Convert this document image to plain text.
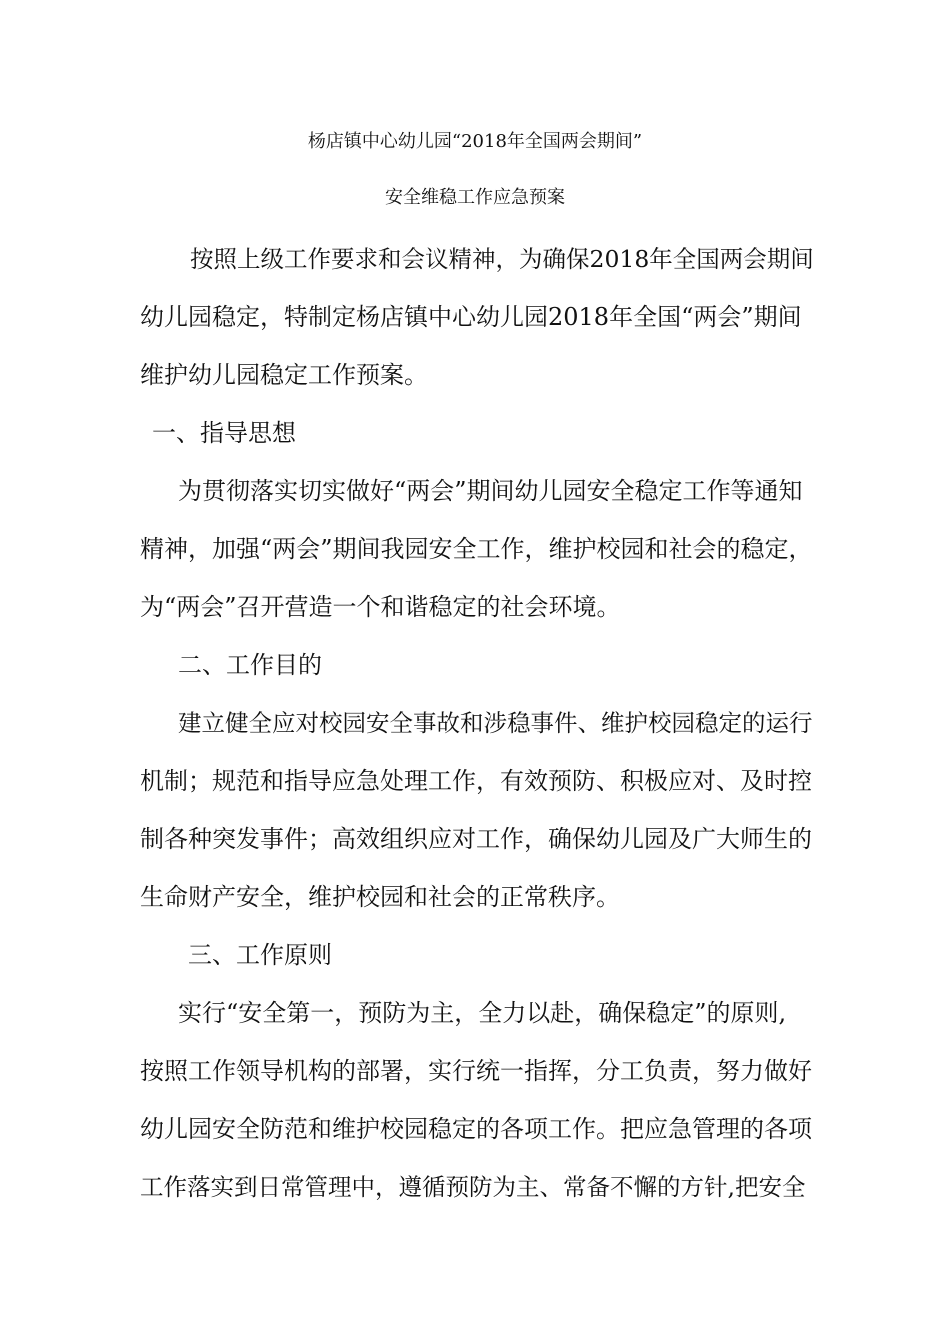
杨店镇中心幼儿园“2018年全国两会期间”
安全维稳工作应急预案
按照上级工作要求和会议精神，为确保2018年全国两会期间
幼儿园稳定，特制定杨店镇中心幼儿园2018年全国“两会”期间
维护幼儿园稳定工作预案。
一、指导思想
为贯彻落实切实做好“两会”期间幼儿园安全稳定工作等通知
精神，加强“两会”期间我园安全工作，维护校园和社会的稳定，
为“两会”召开营造一个和谐稳定的社会环境。
二、工作目的
建立健全应对校园安全事故和涉稳事件、维护校园稳定的运行
机制；规范和指导应急处理工作，有效预防、积极应对、及时控
制各种突发事件；高效组织应对工作，确保幼儿园及广大师生的
生命财产安全，维护校园和社会的正常秩序。
三、工作原则
实行“安全第一，预防为主，全力以赴，确保稳定”的原则,
按照工作领导机构的部署，实行统一指挥，分工负责，努力做好
幼儿园安全防范和维护校园稳定的各项工作。把应急管理的各项
工作落实到日常管理中，遵循预防为主、常备不懈的方针,把安全
